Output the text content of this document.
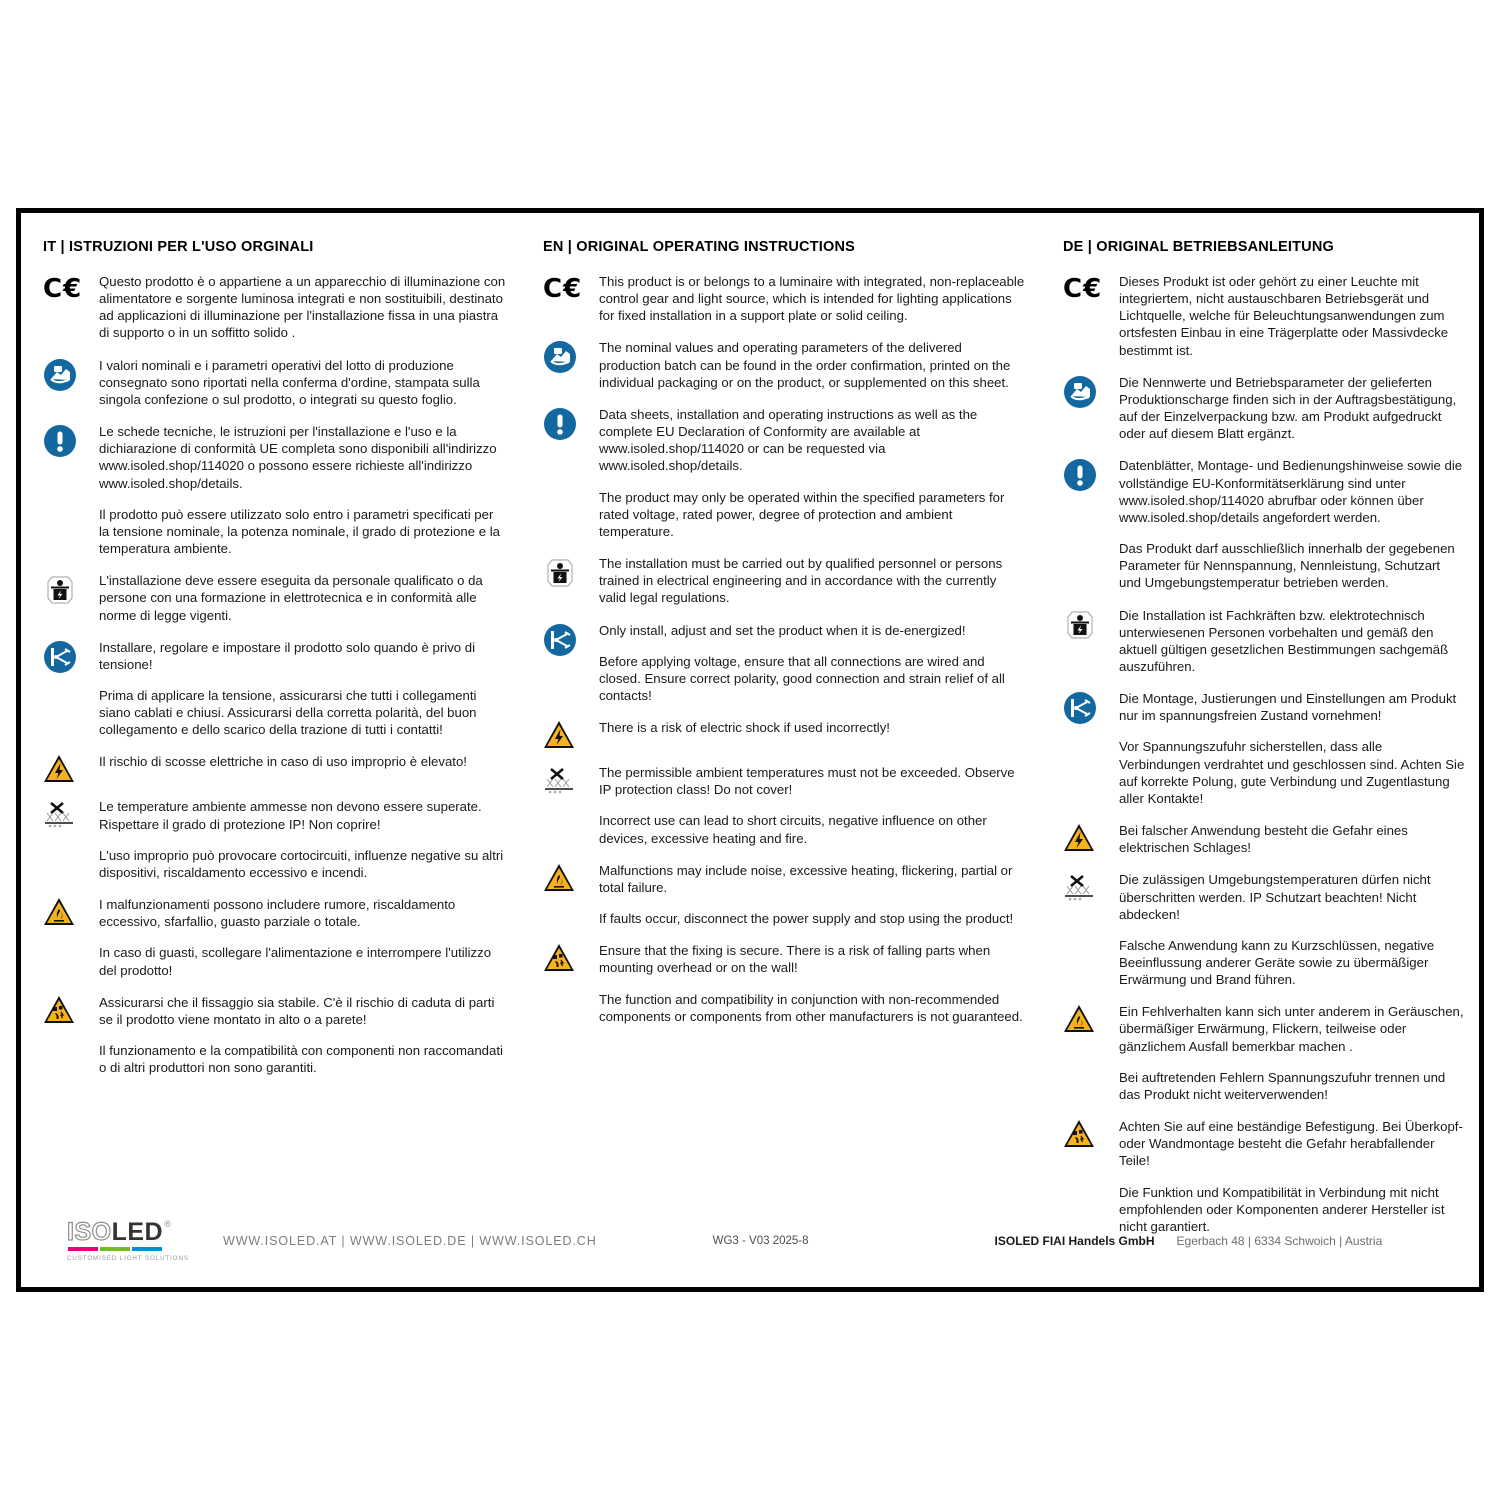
IT | ISTRUZIONI PER L'USO ORGINALI
C€ Questo prodotto è o appartiene a un apparecchio di illuminazione con alimentatore e sorgente luminosa integrati e non sostituibili, destinato ad applicazioni di illuminazione per l'installazione fissa in una piastra di supporto o in un soffitto solido .

I valori nominali e i parametri operativi del lotto di produzione consegnato sono riportati nella conferma d'ordine, stampata sulla singola confezione o sul prodotto, o integrati su questo foglio.

Le schede tecniche, le istruzioni per l'installazione e l'uso e la dichiarazione di conformità UE completa sono disponibili all'indirizzo www.isoled.shop/114020 o possono essere richieste all'indirizzo www.isoled.shop/details.

Il prodotto può essere utilizzato solo entro i parametri specificati per la tensione nominale, la potenza nominale, il grado di protezione e la temperatura ambiente.

L'installazione deve essere eseguita da personale qualificato o da persone con una formazione in elettrotecnica e in conformità alle norme di legge vigenti.

Installare, regolare e impostare il prodotto solo quando è privo di tensione!

Prima di applicare la tensione, assicurarsi che tutti i collegamenti siano cablati e chiusi. Assicurarsi della corretta polarità, del buon collegamento e dello scarico della trazione di tutti i contatti!

Il rischio di scosse elettriche in caso di uso improprio è elevato!

Le temperature ambiente ammesse non devono essere superate. Rispettare il grado di protezione IP! Non coprire!

L'uso improprio può provocare cortocircuiti, influenze negative su altri dispositivi, riscaldamento eccessivo e incendi.

I malfunzionamenti possono includere rumore, riscaldamento eccessivo, sfarfallio, guasto parziale o totale.

In caso di guasti, scollegare l'alimentazione e interrompere l'utilizzo del prodotto!

Assicurarsi che il fissaggio sia stabile. C'è il rischio di caduta di parti se il prodotto viene montato in alto o a parete!

Il funzionamento e la compatibilità con componenti non raccomandati o di altri produttori non sono garantiti.

EN | ORIGINAL OPERATING INSTRUCTIONS
C€ This product is or belongs to a luminaire with integrated, non-replaceable control gear and light source, which is intended for lighting applications for fixed installation in a support plate or solid ceiling.

The nominal values and operating parameters of the delivered production batch can be found in the order confirmation, printed on the individual packaging or on the product, or supplemented on this sheet.

Data sheets, installation and operating instructions as well as the complete EU Declaration of Conformity are available at www.isoled.shop/114020 or can be requested via www.isoled.shop/details.

The product may only be operated within the specified parameters for rated voltage, rated power, degree of protection and ambient temperature.

The installation must be carried out by qualified personnel or persons trained in electrical engineering and in accordance with the currently valid legal regulations.

Only install, adjust and set the product when it is de-energized!

Before applying voltage, ensure that all connections are wired and closed. Ensure correct polarity, good connection and strain relief of all contacts!

There is a risk of electric shock if used incorrectly!

The permissible ambient temperatures must not be exceeded. Observe IP protection class! Do not cover!

Incorrect use can lead to short circuits, negative influence on other devices, excessive heating and fire.

Malfunctions may include noise, excessive heating, flickering, partial or total failure.

If faults occur, disconnect the power supply and stop using the product!

Ensure that the fixing is secure. There is a risk of falling parts when mounting overhead or on the wall!

The function and compatibility in conjunction with non-recommended components or components from other manufacturers is not guaranteed.

DE | ORIGINAL BETRIEBSANLEITUNG
C€ Dieses Produkt ist oder gehört zu einer Leuchte mit integriertem, nicht austauschbaren Betriebsgerät und Lichtquelle, welche für Beleuchtungsanwendungen zum ortsfesten Einbau in eine Trägerplatte oder Massivdecke bestimmt ist.

Die Nennwerte und Betriebsparameter der gelieferten Produktionscharge finden sich in der Auftragsbestätigung, auf der Einzelverpackung bzw. am Produkt aufgedruckt oder auf diesem Blatt ergänzt.

Datenblätter, Montage- und Bedienungshinweise sowie die vollständige EU-Konformitätserklärung sind unter www.isoled.shop/114020 abrufbar oder können über www.isoled.shop/details angefordert werden.

Das Produkt darf ausschließlich innerhalb der gegebenen Parameter für Nennspannung, Nennleistung, Schutzart und Umgebungstemperatur betrieben werden.

Die Installation ist Fachkräften bzw. elektrotechnisch unterwiesenen Personen vorbehalten und gemäß den aktuell gültigen gesetzlichen Bestimmungen sachgemäß auszuführen.

Die Montage, Justierungen und Einstellungen am Produkt nur im spannungsfreien Zustand vornehmen!

Vor Spannungszufuhr sicherstellen, dass alle Verbindungen verdrahtet und geschlossen sind. Achten Sie auf korrekte Polung, gute Verbindung und Zugentlastung aller Kontakte!

Bei falscher Anwendung besteht die Gefahr eines elektrischen Schlages!

Die zulässigen Umgebungstemperaturen dürfen nicht überschritten werden. IP Schutzart beachten! Nicht abdecken!

Falsche Anwendung kann zu Kurzschlüssen, negative Beeinflussung anderer Geräte sowie zu übermäßiger Erwärmung und Brand führen.

Ein Fehlverhalten kann sich unter anderem in Geräuschen, übermäßiger Erwärmung, Flickern, teilweise oder gänzlichem Ausfall bemerkbar machen .

Bei auftretenden Fehlern Spannungszufuhr trennen und das Produkt nicht weiterverwenden!

Achten Sie auf eine beständige Befestigung. Bei Überkopf- oder Wandmontage besteht die Gefahr herabfallender Teile!

Die Funktion und Kompatibilität in Verbindung mit nicht empfohlenden oder Komponenten anderer Hersteller ist nicht garantiert.

ISO LED ®
CUSTOMISED LIGHT SOLUTIONS
WWW.ISOLED.AT | WWW.ISOLED.DE | WWW.ISOLED.CH	WG3 - V03 2025-8	ISOLED FIAI Handels GmbH Egerbach 48 | 6334 Schwoich | Austria
